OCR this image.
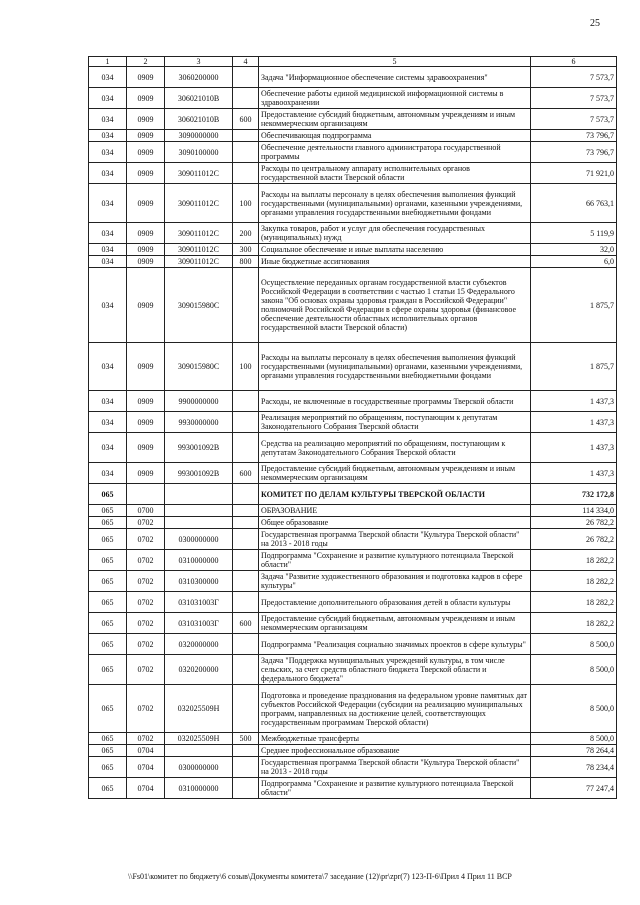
25
1	2	3	4	5	6
034	0909	3060200000		Задача "Информационное обеспечение системы здравоохранения"	7 573,7
034	0909	306021010В		Обеспечение работы единой медицинской информационной системы в здравоохранении	7 573,7
034	0909	306021010В	600	Предоставление субсидий бюджетным, автономным учреждениям и иным некоммерческим организациям	7 573,7
034	0909	3090000000		Обеспечивающая подпрограмма	73 796,7
034	0909	3090100000		Обеспечение деятельности главного администратора государственной программы	73 796,7
034	0909	309011012С		Расходы по центральному аппарату исполнительных органов государственной власти Тверской области	71 921,0
034	0909	309011012С	100	Расходы на выплаты персоналу в целях обеспечения выполнения функций государственными (муниципальными) органами, казенными учреждениями, органами управления государственными внебюджетными фондами	66 763,1
034	0909	309011012С	200	Закупка товаров, работ и услуг для обеспечения государственных (муниципальных) нужд	5 119,9
034	0909	309011012С	300	Социальное обеспечение и иные выплаты населению	32,0
034	0909	309011012С	800	Иные бюджетные ассигнования	6,0
034	0909	309015980С		Осуществление переданных органам государственной власти субъектов Российской Федерации в соответствии с частью 1 статьи 15 Федерального закона "Об основах охраны здоровья граждан в Российской Федерации" полномочий Российской Федерации в сфере охраны здоровья (финансовое обеспечение деятельности областных исполнительных органов государственной власти Тверской области)	1 875,7
034	0909	309015980С	100	Расходы на выплаты персоналу в целях обеспечения выполнения функций государственными (муниципальными) органами, казенными учреждениями, органами управления государственными внебюджетными фондами	1 875,7
034	0909	9900000000		Расходы, не включенные в государственные программы Тверской области	1 437,3
034	0909	9930000000		Реализация мероприятий по обращениям, поступающим к депутатам Законодательного Собрания Тверской области	1 437,3
034	0909	993001092В		Средства на реализацию мероприятий по обращениям, поступающим к депутатам Законодательного Собрания Тверской области	1 437,3
034	0909	993001092В	600	Предоставление субсидий бюджетным, автономным учреждениям и иным некоммерческим организациям	1 437,3
065				КОМИТЕТ ПО ДЕЛАМ КУЛЬТУРЫ ТВЕРСКОЙ ОБЛАСТИ	732 172,8
065	0700			ОБРАЗОВАНИЕ	114 334,0
065	0702			Общее образование	26 782,2
065	0702	0300000000		Государственная программа Тверской области "Культура Тверской области" на 2013 - 2018 годы	26 782,2
065	0702	0310000000		Подпрограмма "Сохранение и развитие культурного потенциала Тверской области"	18 282,2
065	0702	0310300000		Задача "Развитие художественного образования и подготовка кадров в сфере культуры"	18 282,2
065	0702	031031003Г		Предоставление дополнительного образования детей в области культуры	18 282,2
065	0702	031031003Г	600	Предоставление субсидий бюджетным, автономным учреждениям и иным некоммерческим организациям	18 282,2
065	0702	0320000000		Подпрограмма "Реализация социально значимых проектов в сфере культуры"	8 500,0
065	0702	0320200000		Задача "Поддержка муниципальных учреждений культуры, в том числе сельских, за счет средств областного бюджета Тверской области и федерального бюджета"	8 500,0
065	0702	032025509Н		Подготовка и проведение празднования на федеральном уровне памятных дат субъектов Российской Федерации (субсидии на реализацию муниципальных программ, направленных на достижение целей, соответствующих государственным программам Тверской области)	8 500,0
065	0702	032025509Н	500	Межбюджетные трансферты	8 500,0
065	0704			Среднее профессиональное образование	78 264,4
065	0704	0300000000		Государственная программа Тверской области "Культура Тверской области" на 2013 - 2018 годы	78 234,4
065	0704	0310000000		Подпрограмма "Сохранение и развитие культурного потенциала Тверской области"	77 247,4
\\Fs01\комитет по бюджету\6 созыв\Документы комитета\7 заседание (12)\pr\zpr(7) 123-П-6\Прил 4 Прил 11 ВСР
